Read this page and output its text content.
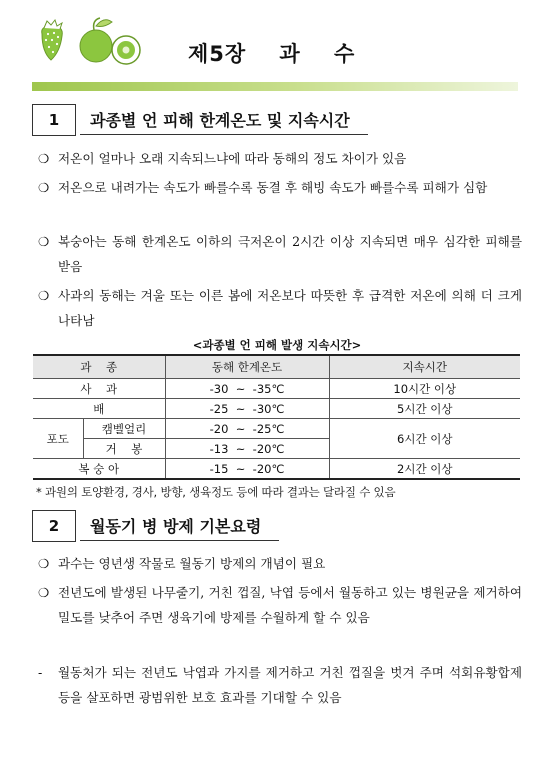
제5장    과    수
1	과종별 언 피해 한계온도 및 지속시간
❍ 저온이 얼마나 오래 지속되느냐에 따라 동해의 정도 차이가 있음
❍ 저온으로 내려가는 속도가 빠를수록 동결 후 해빙 속도가 빠를수록 피해가 심함
❍ 복숭아는 동해 한계온도 이하의 극저온이 2시간 이상 지속되면 매우 심각한 피해를 받음
❍ 사과의 동해는 겨울 또는 이른 봄에 저온보다 따뜻한 후 급격한 저온에 의해 더 크게 나타남
<과종별 언 피해 발생 지속시간>
과    종		동해 한계온도	지속시간
사    과		-30  ~  -35℃	10시간 이상
배		-25  ~  -30℃	5시간 이상
포도	캠벨얼리	-20  ~  -25℃	6시간 이상
	거    봉	-13  ~  -20℃	
복 숭 아		-15  ~  -20℃	2시간 이상
* 과원의 토양환경, 경사, 방향, 생육정도 등에 따라 결과는 달라질 수 있음
2	월동기 병 방제 기본요령
❍ 과수는 영년생 작물로 월동기 방제의 개념이 필요
❍ 전년도에 발생된 나무줄기, 거친 껍질, 낙엽 등에서 월동하고 있는 병원균을 제거하여 밀도를 낮추어 주면 생육기에 방제를 수월하게 할 수 있음
-	월동처가 되는 전년도 낙엽과 가지를 제거하고 거친 껍질을 벗겨 주며 석회유황합제 등을 살포하면 광범위한 보호 효과를 기대할 수 있음
